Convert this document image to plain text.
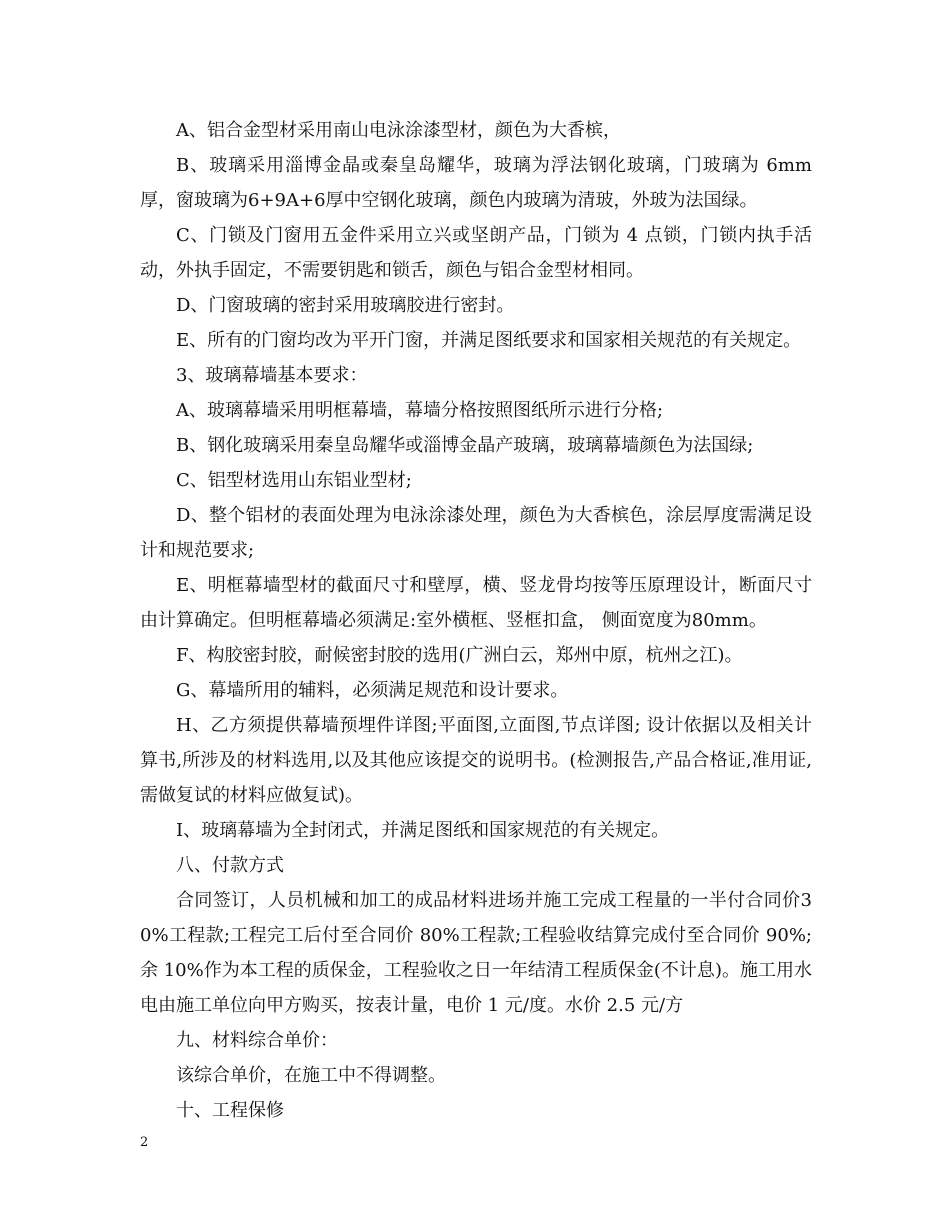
A、铝合金型材采用南山电泳涂漆型材，颜色为大香槟，

B、玻璃采用淄博金晶或秦皇岛耀华，玻璃为浮法钢化玻璃，门玻璃为 6mm厚，窗玻璃为6+9A+6厚中空钢化玻璃，颜色内玻璃为清玻，外玻为法国绿。

C、门锁及门窗用五金件采用立兴或坚朗产品，门锁为 4 点锁，门锁内执手活动，外执手固定，不需要钥匙和锁舌，颜色与铝合金型材相同。

D、门窗玻璃的密封采用玻璃胶进行密封。

E、所有的门窗均改为平开门窗，并满足图纸要求和国家相关规范的有关规定。

3、玻璃幕墙基本要求：

A、玻璃幕墙采用明框幕墙，幕墙分格按照图纸所示进行分格;

B、钢化玻璃采用秦皇岛耀华或淄博金晶产玻璃，玻璃幕墙颜色为法国绿;

C、铝型材选用山东铝业型材;

D、整个铝材的表面处理为电泳涂漆处理，颜色为大香槟色，涂层厚度需满足设计和规范要求;

E、明框幕墙型材的截面尺寸和壁厚，横、竖龙骨均按等压原理设计，断面尺寸由计算确定。但明框幕墙必须满足:室外横框、竖框扣盒， 侧面宽度为80mm。

F、构胶密封胶，耐候密封胶的选用(广洲白云，郑州中原，杭州之江)。

G、幕墙所用的辅料，必须满足规范和设计要求。

H、乙方须提供幕墙预埋件详图;平面图,立面图,节点详图; 设计依据以及相关计算书,所涉及的材料选用,以及其他应该提交的说明书。(检测报告,产品合格证,准用证,需做复试的材料应做复试)。

I、玻璃幕墙为全封闭式，并满足图纸和国家规范的有关规定。

八、付款方式

合同签订，人员机械和加工的成品材料进场并施工完成工程量的一半付合同价30%工程款;工程完工后付至合同价 80%工程款;工程验收结算完成付至合同价 90%;余 10%作为本工程的质保金，工程验收之日一年结清工程质保金(不计息)。施工用水电由施工单位向甲方购买，按表计量，电价 1 元/度。水价 2.5 元/方

九、材料综合单价：

该综合单价，在施工中不得调整。

十、工程保修

2
